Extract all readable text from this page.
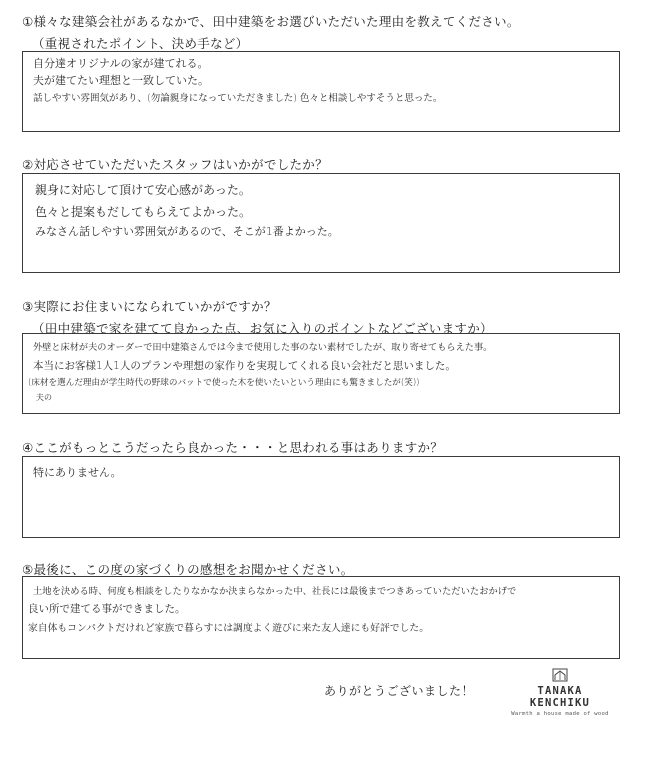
①様々な建築会社があるなかで、田中建築をお選びいただいた理由を教えてください。
（重視されたポイント、決め手など）
自分達オリジナルの家が建てれる。
夫が建てたい理想と一致していた。
話しやすい雰囲気があり、(勿論親身になっていただきました) 色々と相談しやすそうと思った。
②対応させていただいたスタッフはいかがでしたか？
親身に対応して頂けて安心感があった。
色々と提案もだしてもらえてよかった。
みなさん話しやすい雰囲気があるので、そこが1番よかった。
③実際にお住まいになられていかがですか？
（田中建築で家を建てて良かった点、お気に入りのポイントなどございますか）
外壁と床材が夫のオーダーで田中建築さんでは今まで使用した事のない素材でしたが、取り寄せてもらえた事。
本当にお客様1人1人のプランや理想の家作りを実現してくれる良い会社だと思いました。
(床材を選んだ理由が学生時代の野球のバットで使った木を使いたいという理由にも驚きましたが(笑))
夫の
④ここがもっとこうだったら良かった・・・と思われる事はありますか？
特にありません。
⑤最後に、この度の家づくりの感想をお聞かせください。
土地を決める時、何度も相談をしたりなかなか決まらなかった中、社長には最後までつきあっていただいたおかげで
良い所で建てる事ができました。
家自体もコンパクトだけれど家族で暮らすには調度よく遊びに来た友人達にも好評でした。
ありがとうございました！	TANAKA KENCHIKU
Warmth a house made of wood
